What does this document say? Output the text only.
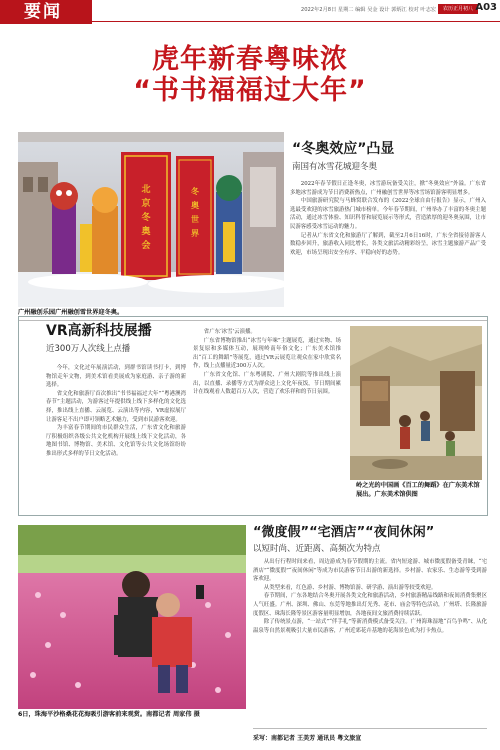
要闻	2022年2月8日 星期二 编辑 吴金 设计 郭炳江 校对 叶志宏	农历正月初八 A03
虎年新春粤味浓
“书书福福过大年”
北
京
冬
奥
会
冬
奥
世
界
广州融创乐园广州融创雪世界迎冬奥。
“冬奥效应”凸显
南国有冰雪花城迎冬奥

2022年春节假日正逢冬奥，冰雪游玩备受关注，掀“冬奥效应”外溢。广东省多地冰雪游成为节日消费新热点，广州融创雪世界等冰雪场馆游客明显增多。

中国旅游研究院与马蜂窝联合发布的《2022全球自由行报告》显示，广州入选最受欢迎的冰雪旅游热门城市榜单。今年春节期间，广州举办了丰富的冬奥主题活动，通过冰雪体验、知识科普和展览展示等形式，营造浓厚的迎冬奥氛围，让市民游客感受冰雪运动的魅力。

记者从广东省文化和旅游厅了解到，截至2月6日16时，广东全省接待游客人数稳步回升，旅游收入同比增长，各类文旅活动精彩纷呈，冰雪主题旅游产品广受欢迎，市场呈现出安全有序、平稳向好的态势。

VR高新科技展播
近300万人次线上点播

今年，文化过年展演活动，到群书馆读书打卡，到博物馆走年文物，到美术馆看美展成为家庭游、亲子游的新选择。

省文化和旅游厅首次推出“书书福福过大年”“粤港澳湾春节”主题活动，为游客过年提供线上线下多样化的文化选择，推出线上直播、云展览、云演出等内容，VR虚拟展厅让游客足不出户即可领略艺术魅力，受到市民游客欢迎。

为丰富春节期间的市民群众生活，广东省文化和旅游厅积极组织各级公共文化机构开展线上线下文化活动，各地图书馆、博物馆、美术馆、文化馆等公共文化场馆纷纷推出形式多样的节日文化活动。

省广东‘冰雪’云演播。

广东省博物馆推出“冰雪与年味”主题展览，通过实物、场景复原和多媒体互动，展现岭南年俗文化；广东美术馆推出“百工的舞蹈”等展览，通过VR云展览让观众在家中欣赏名作，线上点播量近300万人次。

广东省文化馆、广东粤剧院、广州大剧院等推出线上演出，以直播、录播等方式为群众送上文化年夜饭，节日期间累计在线观看人数超百万人次，营造了欢乐祥和的节日氛围。

岭之光的中国画《百工的舞蹈》在广东美术馆展出。广东美术馆供图
6日，珠海平沙格桑花花海吸引游客前来观赏。南都记者 周家伟 摄
“微度假”“宅酒店”“夜间休闲”
以短时尚、近距离、高频次为特点

从出行行程时间来看，周边游成为春节假期的主流。省内短途游、城市微度假备受青睐，“宅酒店”“微度假”“夜间休闲”等成为市民游客节日出游的新选择。乡村游、农家乐、生态游等受到游客欢迎。

从类型来看，红色游、乡村游、博物馆游、研学游、演出游等较受欢迎。

春节期间，广东各地结合冬奥开展各类文化和旅游活动，乡村旅游精品线路和夜间消费集聚区人气旺盛。广州、深圳、佛山、东莞等地推出灯光秀、花市、庙会等特色活动，广州塔、长隆旅游度假区、珠海长隆等景区游客量明显增加，各地夜间文旅消费持续活跃。

除了传统景点游，“一站式”“伴手礼”等新消费模式备受关注。广州海珠湿地“百鸟争鸣”、从化温泉等自然景观吸引大量市民游客，广州近郊花卉基地的花海景色成为打卡热点。

采写：南都记者 王美芳 通讯员 粤文旅宣
